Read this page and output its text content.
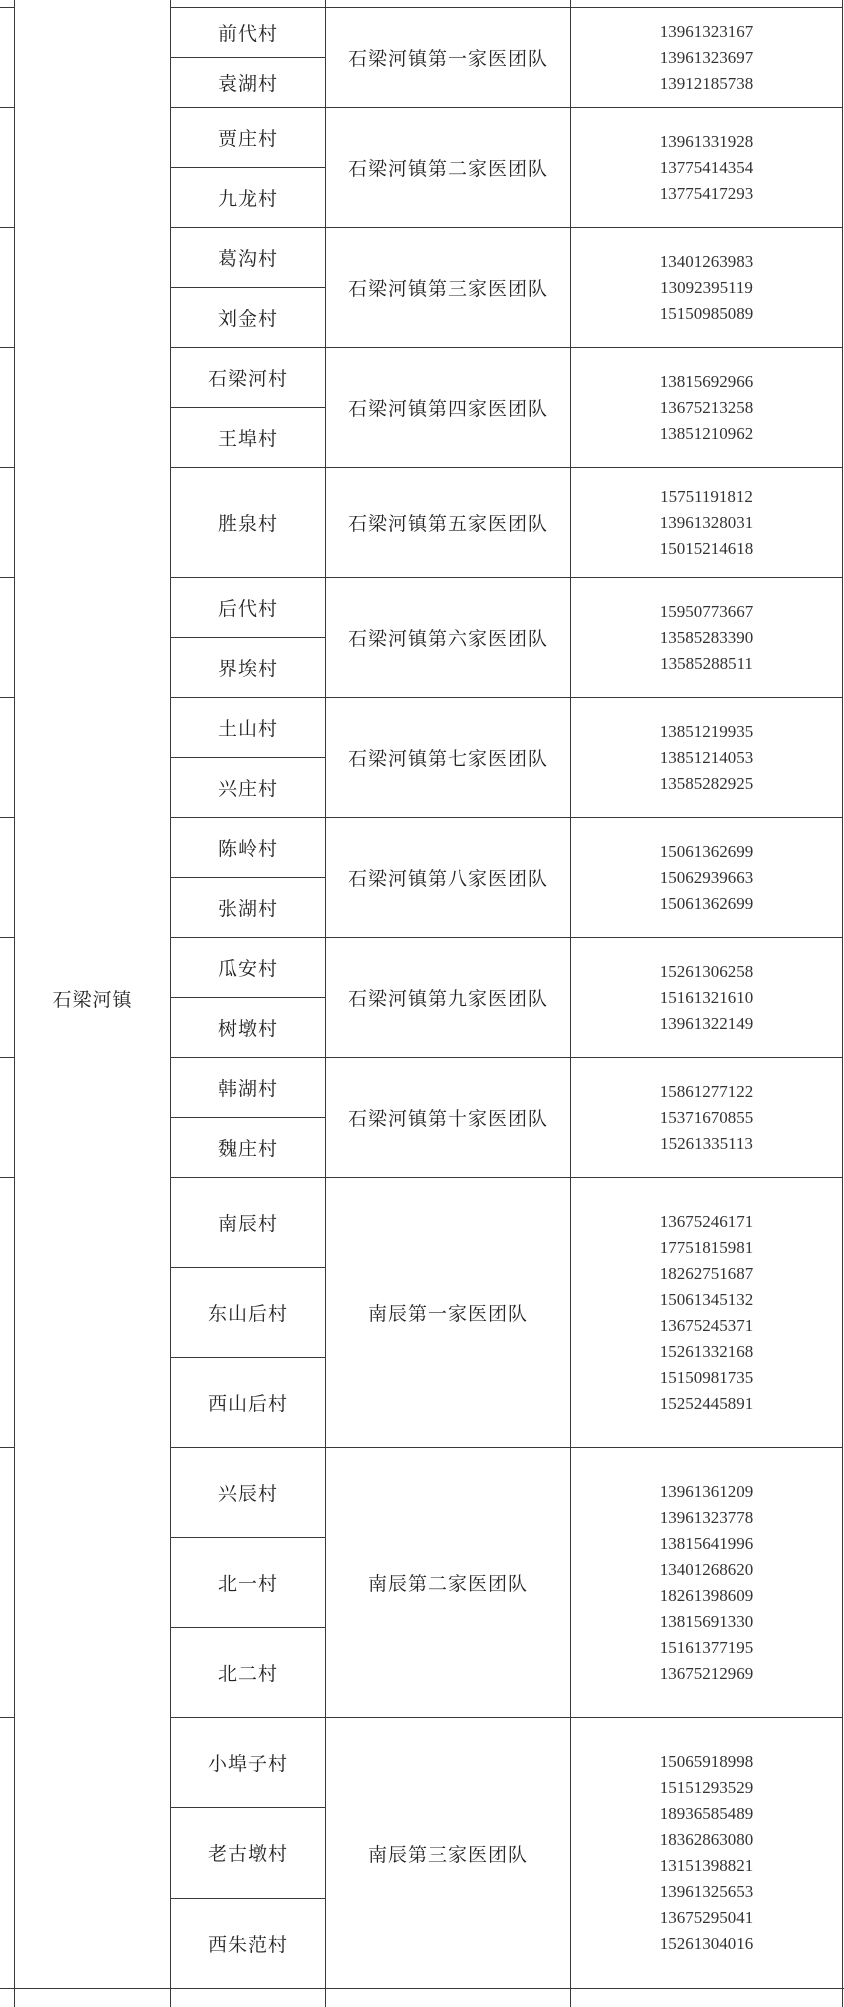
石梁河镇
前代村
袁湖村
石梁河镇第一家医团队
13961323167
13961323697
13912185738
贾庄村
九龙村
石梁河镇第二家医团队
13961331928
13775414354
13775417293
葛沟村
刘金村
石梁河镇第三家医团队
13401263983
13092395119
15150985089
石梁河村
王埠村
石梁河镇第四家医团队
13815692966
13675213258
13851210962
胜泉村	石梁河镇第五家医团队
15751191812
13961328031
15015214618
后代村
界埃村
石梁河镇第六家医团队
15950773667
13585283390
13585288511
土山村
兴庄村
石梁河镇第七家医团队
13851219935
13851214053
13585282925
陈岭村
张湖村
石梁河镇第八家医团队
15061362699
15062939663
15061362699
瓜安村
树墩村
石梁河镇第九家医团队
15261306258
15161321610
13961322149
韩湖村
魏庄村
石梁河镇第十家医团队
15861277122
15371670855
15261335113
南辰村
东山后村
西山后村
南辰第一家医团队
13675246171
17751815981
18262751687
15061345132
13675245371
15261332168
15150981735
15252445891
兴辰村
北一村
北二村
南辰第二家医团队
13961361209
13961323778
13815641996
13401268620
18261398609
13815691330
15161377195
13675212969
小埠子村
老古墩村
西朱范村
南辰第三家医团队
15065918998
15151293529
18936585489
18362863080
13151398821
13961325653
13675295041
15261304016
